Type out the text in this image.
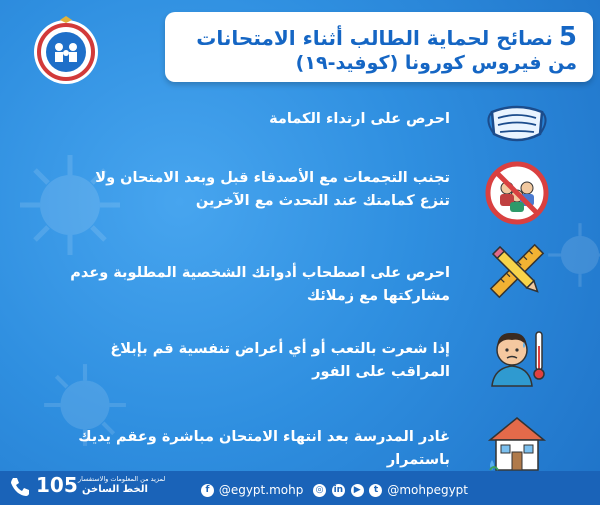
5نصائح لحماية الطالب أثناء الامتحانات
من فيروس كورونا (كوفيد-١٩)
احرص على ارتداء الكمامة
تجنب التجمعات مع الأصدقاء قبل وبعد الامتحان ولا تنزع كمامتك عند التحدث مع الآخرين
احرص على اصطحاب أدواتك الشخصية المطلوبة وعدم مشاركتها مع زملائك
إذا شعرت بالتعب أو أي أعراض تنفسية قم بإبلاغ المراقب على الفور
غادر المدرسة بعد انتهاء الامتحان مباشرة وعقم يديك باستمرار
105 لمزيد من المعلومات والاستفسار
الخط الساخن	f @egypt.mohp	◎ in ▶ t @mohpegypt
